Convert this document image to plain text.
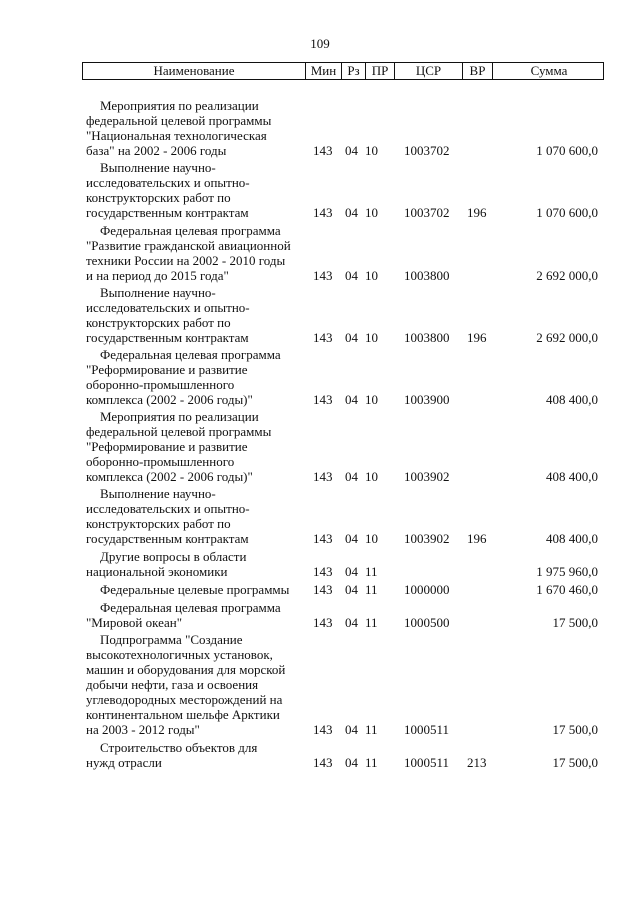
109
Наименование	Мин Рз ПР	ЦСР	ВР	Сумма
Мероприятия по реализации
федеральной целевой программы
"Национальная технологическая
база" на 2002 - 2006 годы	143 04 10 1003702	1 070 600,0
Выполнение научно-
исследовательских и опытно-
конструкторских работ по
государственным контрактам	143 04 10 1003702 196	1 070 600,0
Федеральная целевая программа
"Развитие гражданской авиационной
техники России на 2002 - 2010 годы
и на период до 2015 года"	143 04 10 1003800	2 692 000,0
Выполнение научно-
исследовательских и опытно-
конструкторских работ по
государственным контрактам	143 04 10 1003800 196	2 692 000,0
Федеральная целевая программа
"Реформирование и развитие
оборонно-промышленного
комплекса (2002 - 2006 годы)"	143 04 10 1003900	408 400,0
Мероприятия по реализации
федеральной целевой программы
"Реформирование и развитие
оборонно-промышленного
комплекса (2002 - 2006 годы)"	143 04 10 1003902	408 400,0
Выполнение научно-
исследовательских и опытно-
конструкторских работ по
государственным контрактам	143 04 10 1003902 196	408 400,0
Другие вопросы в области
национальной экономики	143 04 11	1 975 960,0
Федеральные целевые программы	143 04 11 1000000	1 670 460,0
Федеральная целевая программа
"Мировой океан"	143 04 11 1000500	17 500,0
Подпрограмма "Создание
высокотехнологичных установок,
машин и оборудования для морской
добычи нефти, газа и освоения
углеводородных месторождений на
континентальном шельфе Арктики
на 2003 - 2012 годы"	143 04 11 1000511	17 500,0
Строительство объектов для
нужд отрасли	143 04 11 1000511 213	17 500,0
